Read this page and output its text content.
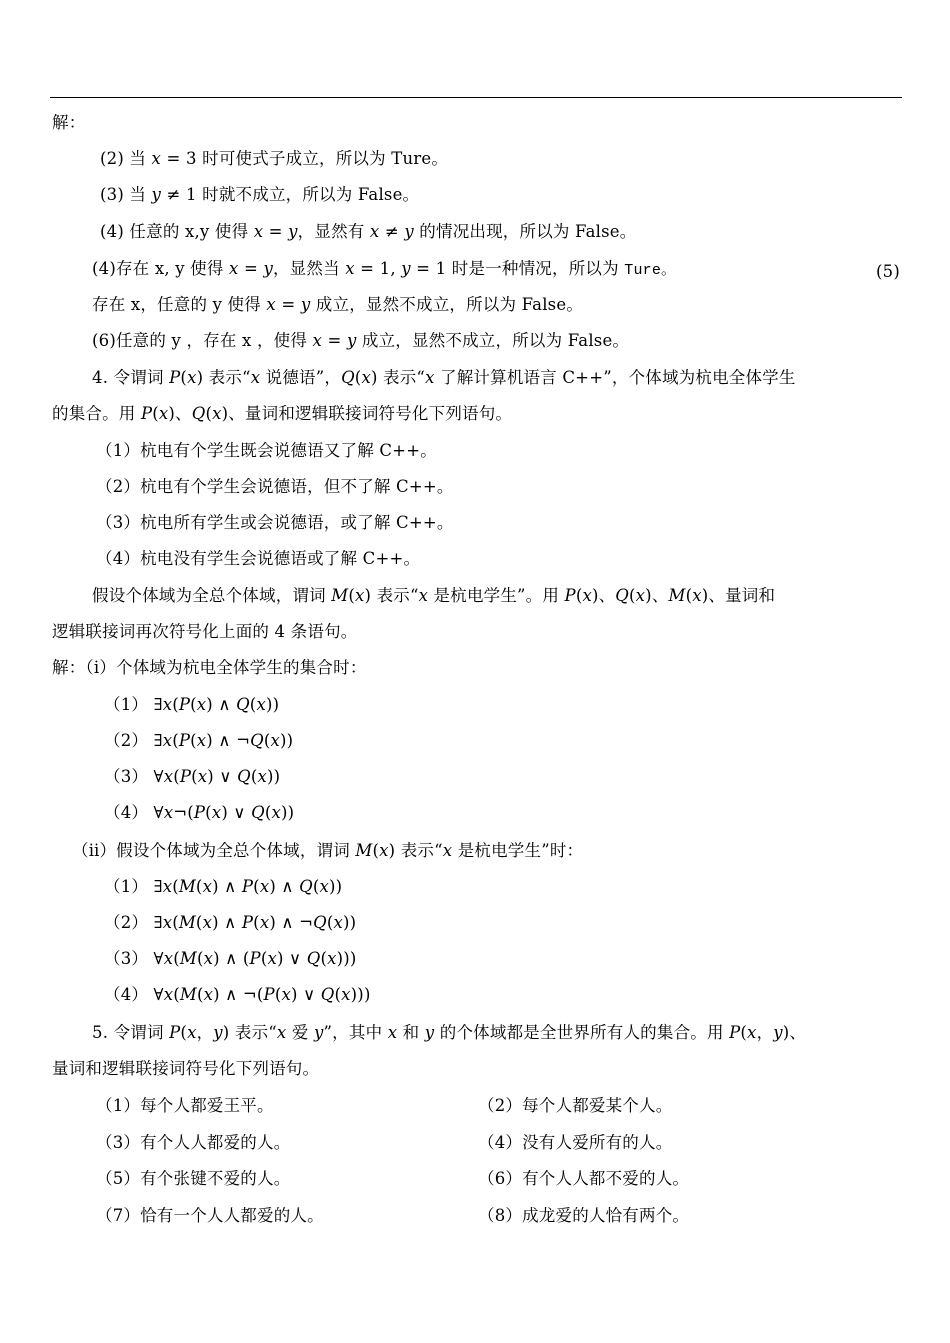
解：
(2) 当 𝑥 = 3 时可使式子成立，所以为 Ture。
(3) 当 𝑦 ≠ 1 时就不成立，所以为 False。
(4) 任意的 x,y 使得 𝑥 = 𝑦，显然有 𝑥 ≠ 𝑦 的情况出现，所以为 False。
(4)存在 x, y 使得 𝑥 = 𝑦，显然当 𝑥 = 1, 𝑦 = 1 时是一种情况，所以为 Ture。	(5)
存在 x，任意的 y 使得 𝑥 = 𝑦 成立，显然不成立，所以为 False。
(6)任意的 y ，存在 x ，使得 𝑥 = 𝑦 成立，显然不成立，所以为 False。
4. 令谓词 𝑃(𝑥) 表示“𝑥 说德语”，𝑄(𝑥) 表示“𝑥 了解计算机语言 C++”，个体域为杭电全体学生
的集合。用 𝑃(𝑥)、𝑄(𝑥)、量词和逻辑联接词符号化下列语句。
（1）杭电有个学生既会说德语又了解 C++。
（2）杭电有个学生会说德语，但不了解 C++。
（3）杭电所有学生或会说德语，或了解 C++。
（4）杭电没有学生会说德语或了解 C++。
假设个体域为全总个体域，谓词 𝑀(𝑥) 表示“𝑥 是杭电学生”。用 𝑃(𝑥)、𝑄(𝑥)、𝑀(𝑥)、量词和
逻辑联接词再次符号化上面的 4 条语句。
解：（ⅰ）个体域为杭电全体学生的集合时：
（1） ∃𝑥(𝑃(𝑥) ∧ 𝑄(𝑥))
（2） ∃𝑥(𝑃(𝑥) ∧ ¬𝑄(𝑥))
（3） ∀𝑥(𝑃(𝑥) ∨ 𝑄(𝑥))
（4） ∀𝑥¬(𝑃(𝑥) ∨ 𝑄(𝑥))
（ⅱ）假设个体域为全总个体域，谓词 𝑀(𝑥) 表示“𝑥 是杭电学生”时：
（1） ∃𝑥(𝑀(𝑥) ∧ 𝑃(𝑥) ∧ 𝑄(𝑥))
（2） ∃𝑥(𝑀(𝑥) ∧ 𝑃(𝑥) ∧ ¬𝑄(𝑥))
（3） ∀𝑥(𝑀(𝑥) ∧ (𝑃(𝑥) ∨ 𝑄(𝑥)))
（4） ∀𝑥(𝑀(𝑥) ∧ ¬(𝑃(𝑥) ∨ 𝑄(𝑥)))
5. 令谓词 𝑃(𝑥，𝑦) 表示“𝑥 爱 𝑦”，其中 𝑥 和 𝑦 的个体域都是全世界所有人的集合。用 𝑃(𝑥，𝑦)、
量词和逻辑联接词符号化下列语句。
（1）每个人都爱王平。	（2）每个人都爱某个人。
（3）有个人人都爱的人。	（4）没有人爱所有的人。
（5）有个张键不爱的人。	（6）有个人人都不爱的人。
（7）恰有一个人人都爱的人。	（8）成龙爱的人恰有两个。
